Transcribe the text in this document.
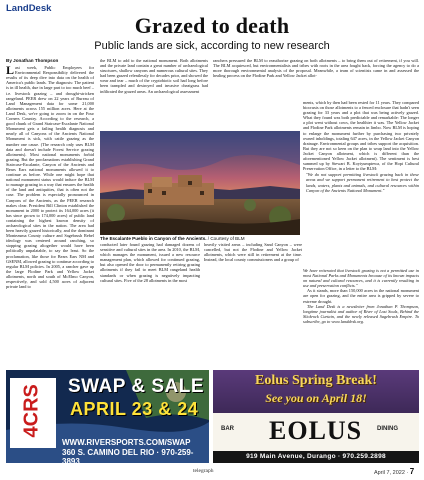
LandDesk
Grazed to death
Public lands are sick, according to new research
By Jonathan Thompson

Last week, Public Employees for Environmental Responsibility delivered the results of its deep dive into data on the health of America's public lands. The diagnosis: The patient is in ill health, due in large part to too much beef – i.e. livestock grazing – and drought-stricken rangeland. PEER drew on 22 years of Bureau of Land Management data for some 21,000 allotments across 155 million acres. Here at the Land Desk, we're going to zoom in on the Four Corners Country. According to the research, a good chunk of Grand Staircase-Escalante National Monument gets a failing health diagnosis and nearly all of Canyons of the Ancients National Monument is sick, with cattle grazing as the number one cause. (The research only uses BLM data and doesn't include Forest Service grazing allotments). Most national monuments forbid grazing. But the proclamations establishing Grand Staircase-Escalante, Canyon of the Ancients and Bears Ears national monuments allowed it to continue as before. While one might hope that national monument status would induce the BLM to manage grazing in a way that ensures the health of the land and antiquities, that is often not the case. The problem is especially pronounced in Canyons of the Ancients, as the PEER research makes clear. President Bill Clinton established the monument in 2000 to protect its 164,000 acres (it has since grown to 174,000 acres) of public land containing the highest known density of archaeological sites in the nation. The area had been heavily grazed historically, and the dominant Montezuma County culture and Sagebrush Rebel ideology was centered around ranching, so stopping grazing altogether would have been politically unpalatable, to say the least. So the proclamation, like those for Bears Ears NM and GSENM, allowed grazing to continue according to regular BLM policies. In 2005, a rancher gave up the large Flodine Park and Yellow Jacket allotments, north and south of McElmo Canyon, respectively, and sold 4,500 acres of adjacent private land to

the BLM to add to the national monument. Both allotments and the private land contain a great number of archaeological structures, shallow canyons and numerous cultural sites. They had been grazed relentlessly for decades prior, and showed the wear and tear – much of the cryptobiotic soil had long before been trampled and destroyed and invasive cheatgrass had infiltrated the grazed areas. An archaeological assessment

ranchers pressured the BLM to reauthorize grazing on both allotments – to bring them out of retirement, if you will. The BLM acquiesced, but environmentalists and tribes with roots in the area fought back, forcing the agency to do a more thorough environmental analysis of the proposal. Meanwhile, a team of scientists came in and assessed the healing process on the Flodine Park and Yellow Jacket allot-

ments, which by then had been rested for 11 years. They compared biocrusts on those allotments to a fenced enclosure that hadn't seen grazing for 33 years and a plot that was being actively grazed. What they found was both predictable and remarkable: The longer a plot went without cows, the healthier it was. The Yellow Jacket and Flodine Park allotments remain in limbo. Now BLM is hoping to enlarge the monument further by purchasing two privately owned inholdings, totaling 647 acres, in the Yellow Jacket Canyon drainage. Environmental groups and tribes support the acquisition. But they are not so keen on the plan to wrap land into the Yellow Jacket Canyon allotment, which is different than the aforementioned Yellow Jacket allotment). The sentiment is best summed up by Stewart B. Koyiyumptewa, of the Hopi Cultural Preservation Office, in a letter to the BLM:

"We do not support permitting livestock grazing back in these areas and we support permanent retirement to best protect the lands, waters, plants and animals, and cultural resources within Canyon of the Ancients National Monument."

The Escalante Pueblo in Canyon of the Ancients. / Courtesy of BLM

conducted later found grazing had damaged dozens of sensitive and cultural sites in the area. In 2010, the BLM, which manages the monument, issued a new resource management plan, which allowed for continued grazing, but also opened the door to permanently retiring grazing allotments if they fail to meet BLM rangeland health standards or when grazing is negatively impacting cultural sites. Five of the 28 allotments in the most

heavily visited areas – including Sand Canyon – were cancelled, but not the Flodine and Yellow Jacket allotments, which were still in retirement at the time. Instead, the local county commissioners and a group of

We have reiterated that livestock grazing is not a permitted use in most National Parks and Monuments because of its known impacts on natural and cultural resources, and it is currently resulting in use and preservation conflicts."

As it stands, more than 150,000 acres in the national monument are open for grazing, and the entire area is gripped by severe to extreme drought.

The Land Desk is a newsletter from Jonathan P. Thompson, longtime journalist and author of River of Lost Souls, Behind the Slickrock Curtain, and the newly released Sagebrush Empire. To subscribe, go to www.landdesk.org.

4CRS SWAP & SALE
APRIL 23 & 24
WWW.RIVERSPORTS.COM/SWAP
360 S. CAMINO DEL RIO · 970-259-3893
Eolus Spring Break!
See you on April 18!
BAR EOLUS DINING
919 Main Avenue, Durango · 970.259.2898
telegraph	April 7, 2022 · 7
